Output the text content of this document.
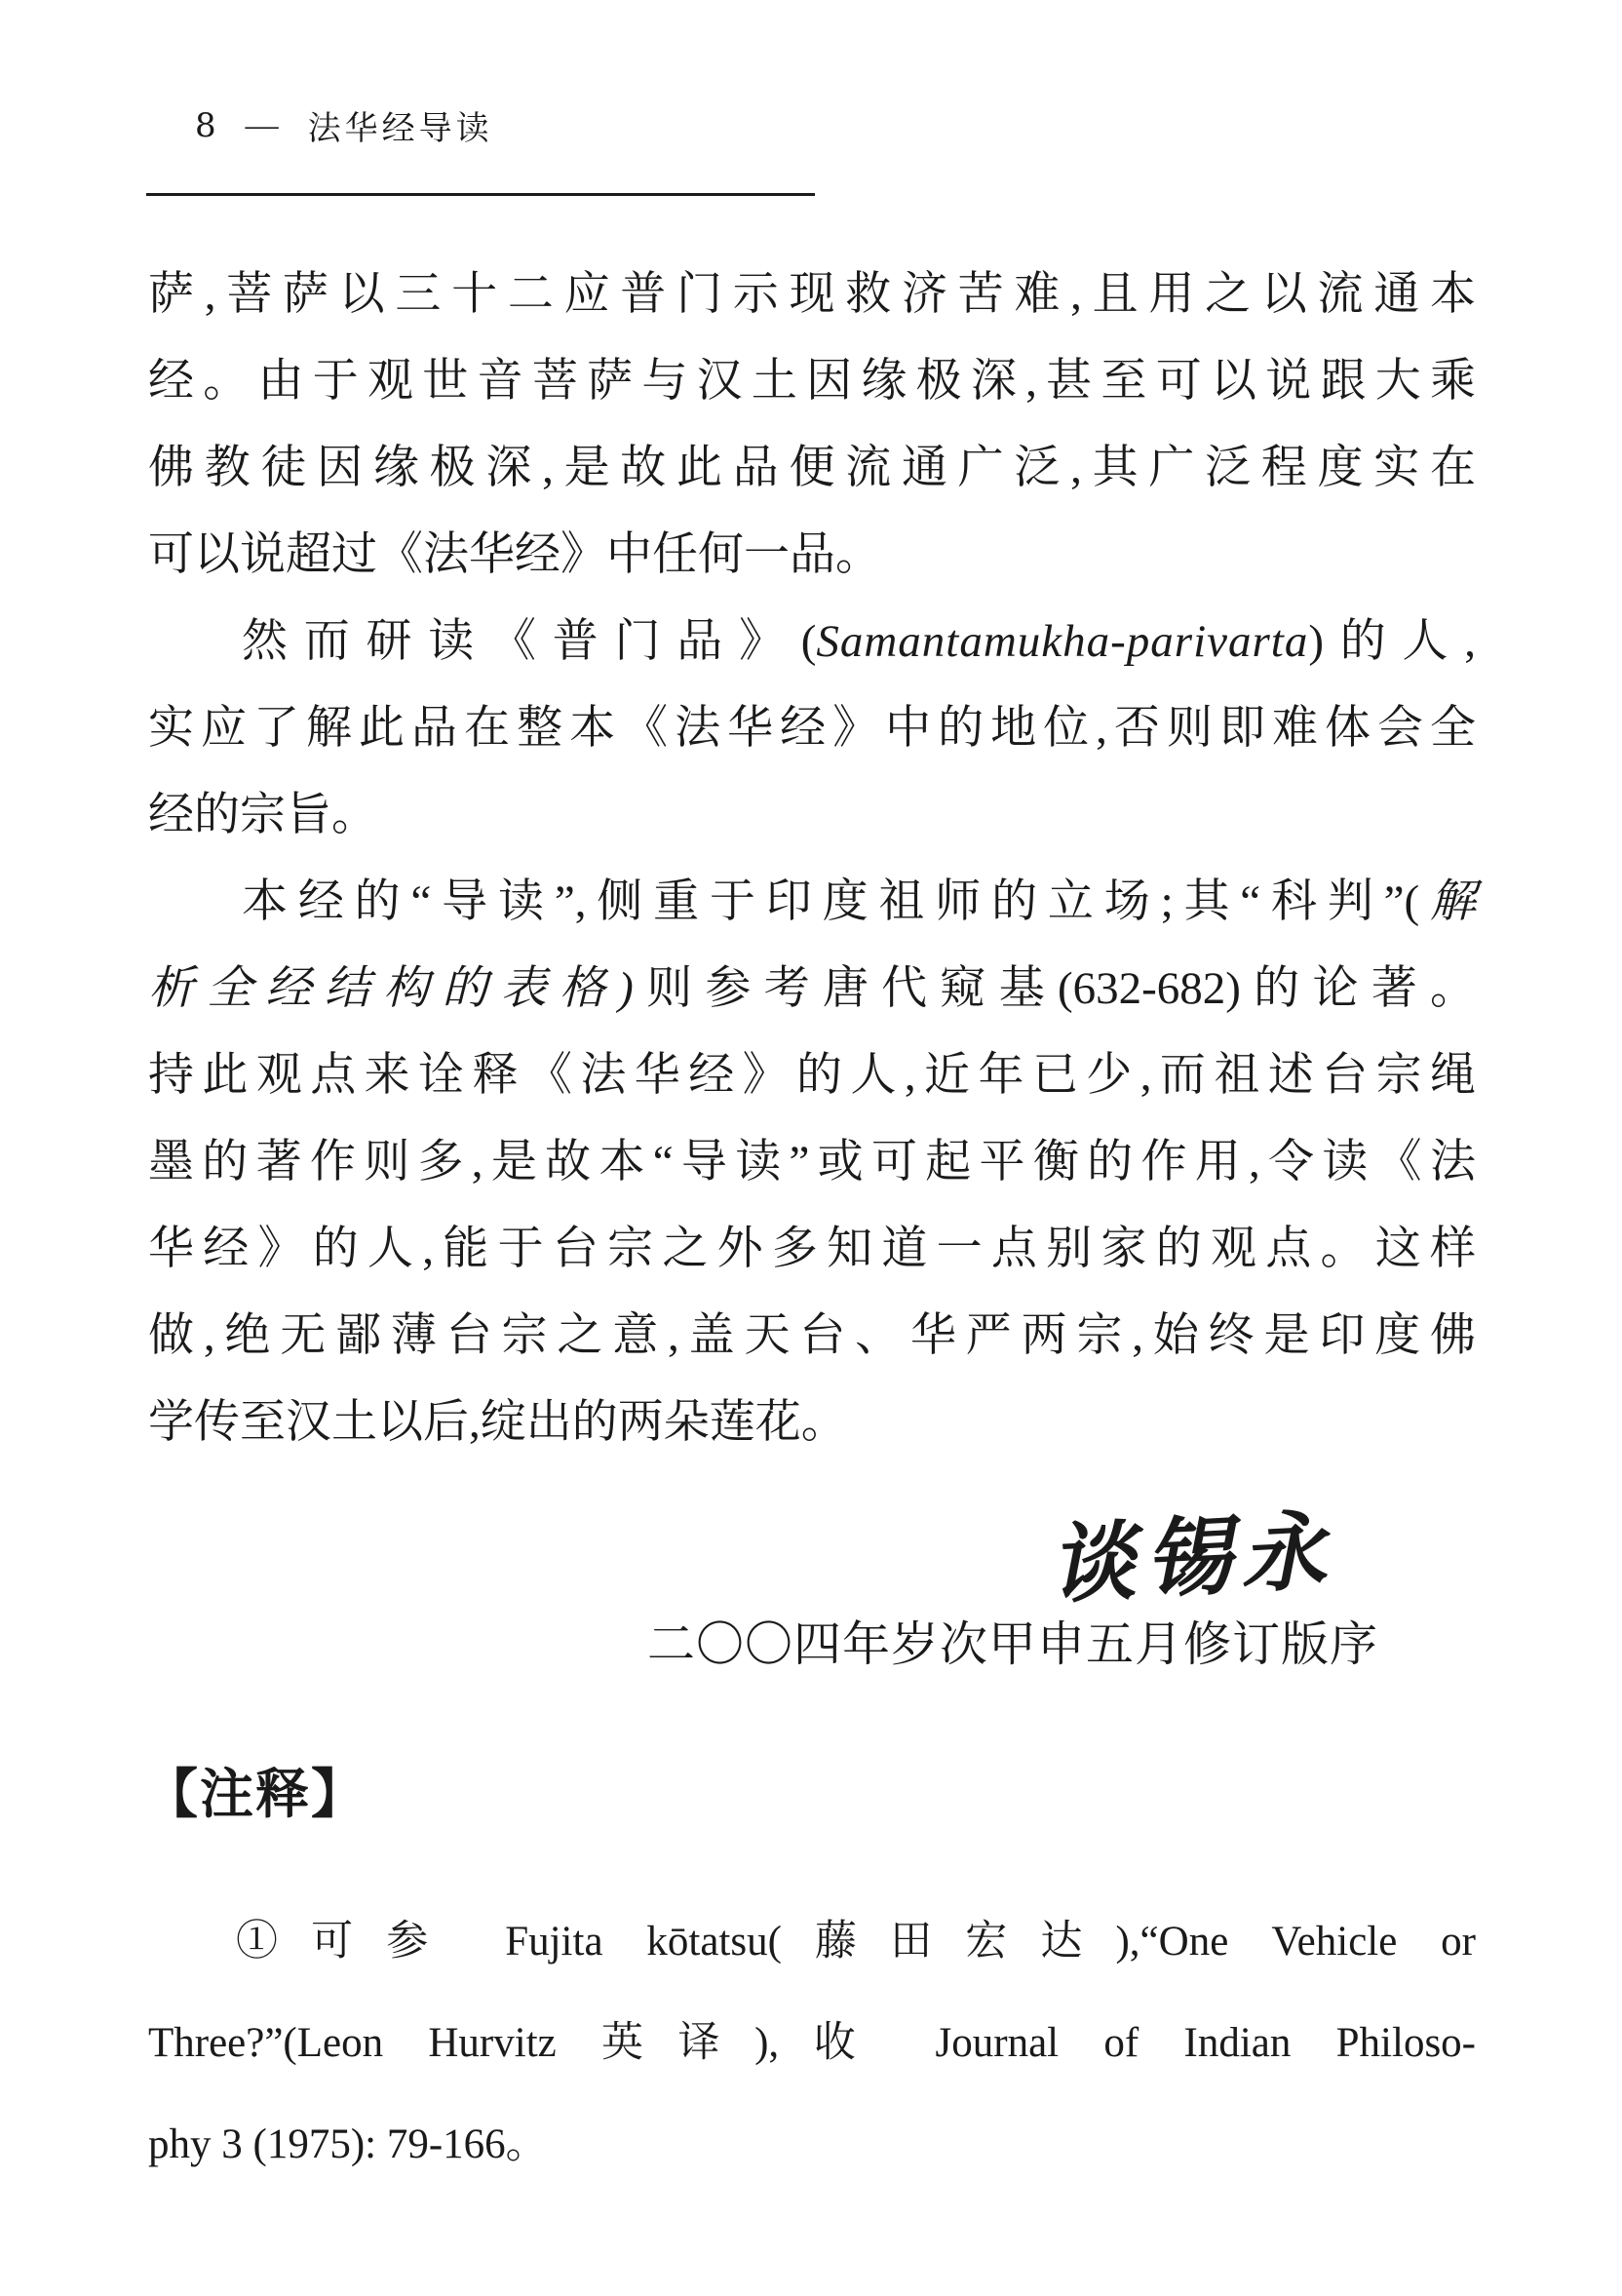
8 — 法华经导读
萨,菩萨以三十二应普门示现救济苦难,且用之以流通本
经。由于观世音菩萨与汉土因缘极深,甚至可以说跟大乘
佛教徒因缘极深,是故此品便流通广泛,其广泛程度实在
可以说超过《法华经》中任何一品。
然而研读《普门品》(Samantamukha-parivarta)的人,
实应了解此品在整本《法华经》中的地位,否则即难体会全
经的宗旨。
本经的“导读”,侧重于印度祖师的立场;其“科判”(解
析全经结构的表格)则参考唐代窥基(632-682)的论著。
持此观点来诠释《法华经》的人,近年已少,而祖述台宗绳
墨的著作则多,是故本“导读”或可起平衡的作用,令读《法
华经》的人,能于台宗之外多知道一点别家的观点。这样
做,绝无鄙薄台宗之意,盖天台、华严两宗,始终是印度佛
学传至汉土以后,绽出的两朵莲花。
谈锡永
二〇〇四年岁次甲申五月修订版序
【注释】
①可参 Fujita kōtatsu(藤田宏达),“One Vehicle or
Three?”(Leon Hurvitz 英译),收 Journal of Indian Philoso-
phy 3 (1975): 79-166。
